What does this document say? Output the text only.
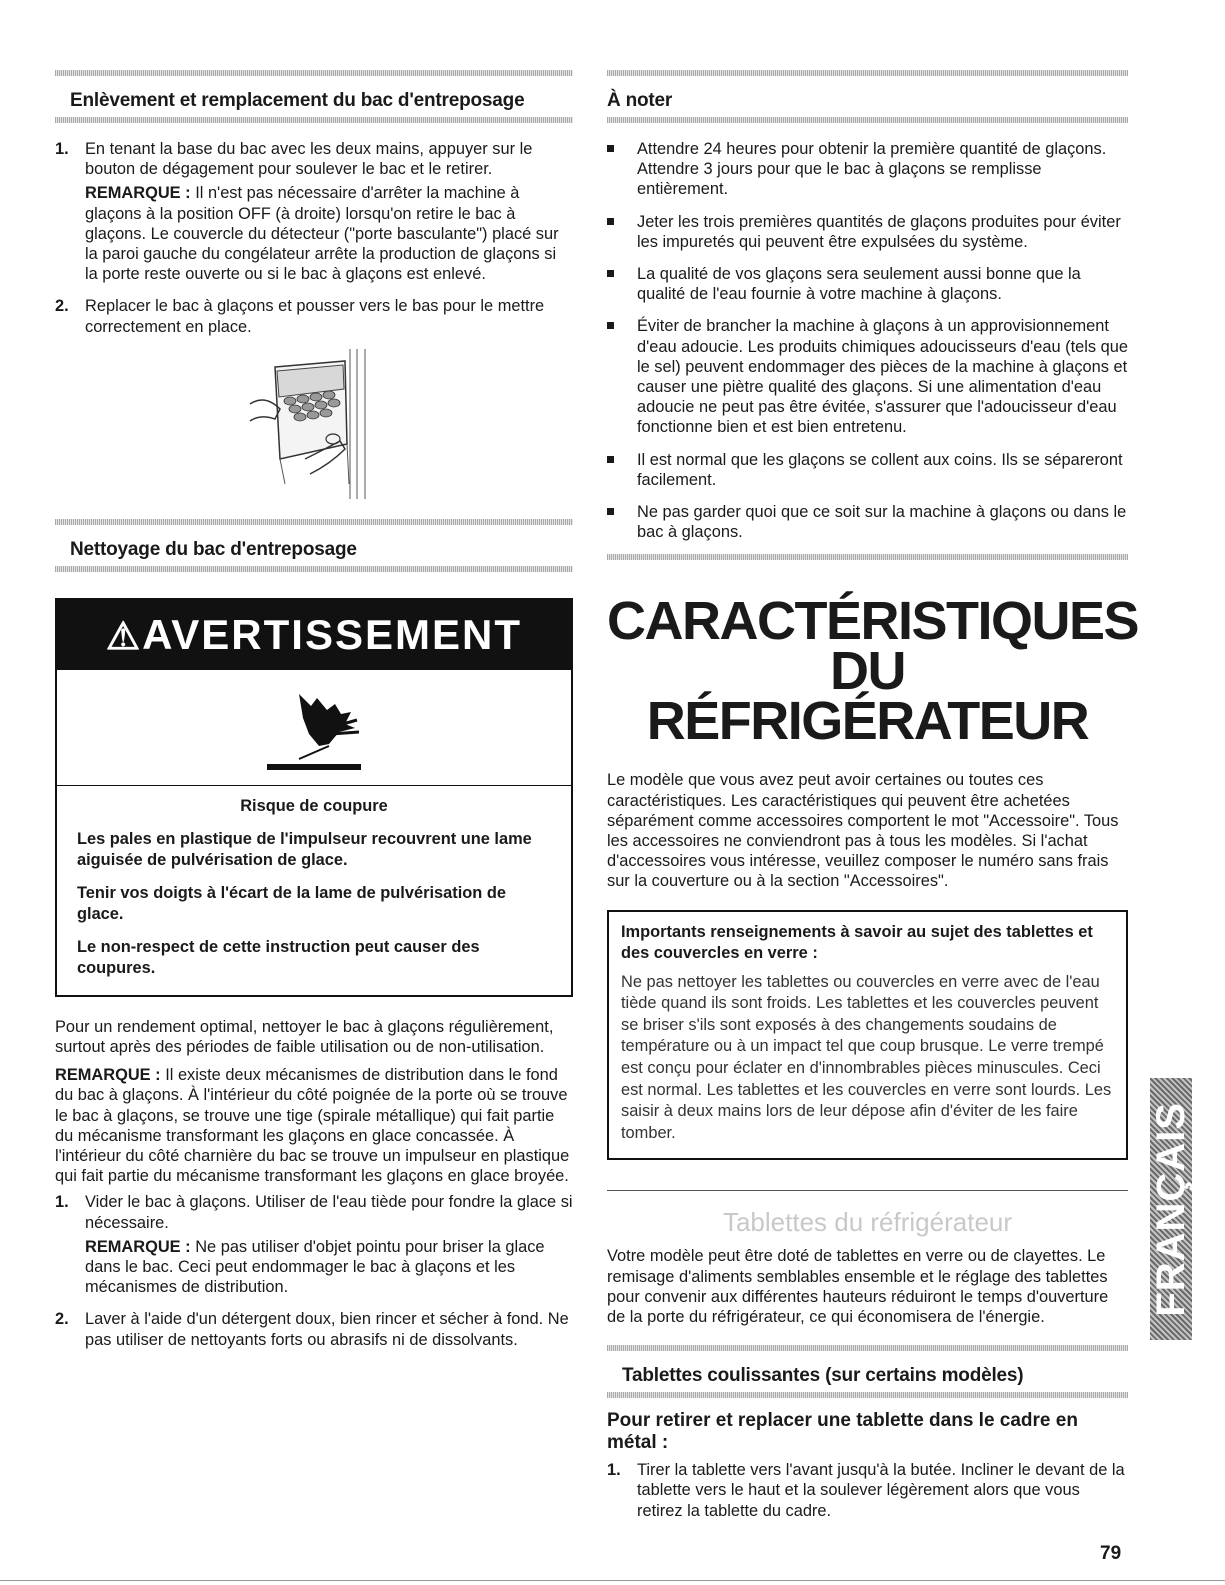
Enlèvement et remplacement du bac d'entreposage
1. En tenant la base du bac avec les deux mains, appuyer sur le bouton de dégagement pour soulever le bac et le retirer.
REMARQUE : Il n'est pas nécessaire d'arrêter la machine à glaçons à la position OFF (à droite) lorsqu'on retire le bac à glaçons. Le couvercle du détecteur ("porte basculante") placé sur la paroi gauche du congélateur arrête la production de glaçons si la porte reste ouverte ou si le bac à glaçons est enlevé.
2. Replacer le bac à glaçons et pousser vers le bas pour le mettre correctement en place.
Nettoyage du bac d'entreposage
⚠AVERTISSEMENT
Risque de coupure
Les pales en plastique de l'impulseur recouvrent une lame aiguisée de pulvérisation de glace.
Tenir vos doigts à l'écart de la lame de pulvérisation de glace.
Le non-respect de cette instruction peut causer des coupures.

Pour un rendement optimal, nettoyer le bac à glaçons régulièrement, surtout après des périodes de faible utilisation ou de non-utilisation.

REMARQUE : Il existe deux mécanismes de distribution dans le fond du bac à glaçons. À l'intérieur du côté poignée de la porte où se trouve le bac à glaçons, se trouve une tige (spirale métallique) qui fait partie du mécanisme transformant les glaçons en glace concassée. À l'intérieur du côté charnière du bac se trouve un impulseur en plastique qui fait partie du mécanisme transformant les glaçons en glace broyée.

1. Vider le bac à glaçons. Utiliser de l'eau tiède pour fondre la glace si nécessaire.
REMARQUE : Ne pas utiliser d'objet pointu pour briser la glace dans le bac. Ceci peut endommager le bac à glaçons et les mécanismes de distribution.
2. Laver à l'aide d'un détergent doux, bien rincer et sécher à fond. Ne pas utiliser de nettoyants forts ou abrasifs ni de dissolvants.
À noter
Attendre 24 heures pour obtenir la première quantité de glaçons. Attendre 3 jours pour que le bac à glaçons se remplisse entièrement.
Jeter les trois premières quantités de glaçons produites pour éviter les impuretés qui peuvent être expulsées du système.
La qualité de vos glaçons sera seulement aussi bonne que la qualité de l'eau fournie à votre machine à glaçons.
Éviter de brancher la machine à glaçons à un approvisionnement d'eau adoucie. Les produits chimiques adoucisseurs d'eau (tels que le sel) peuvent endommager des pièces de la machine à glaçons et causer une piètre qualité des glaçons. Si une alimentation d'eau adoucie ne peut pas être évitée, s'assurer que l'adoucisseur d'eau fonctionne bien et est bien entretenu.
Il est normal que les glaçons se collent aux coins. Ils se sépareront facilement.
Ne pas garder quoi que ce soit sur la machine à glaçons ou dans le bac à glaçons.
CARACTÉRISTIQUES DU
RÉFRIGÉRATEUR

Le modèle que vous avez peut avoir certaines ou toutes ces caractéristiques. Les caractéristiques qui peuvent être achetées séparément comme accessoires comportent le mot "Accessoire". Tous les accessoires ne conviendront pas à tous les modèles. Si l'achat d'accessoires vous intéresse, veuillez composer le numéro sans frais sur la couverture ou à la section "Accessoires".

Importants renseignements à savoir au sujet des tablettes et des couvercles en verre :

Ne pas nettoyer les tablettes ou couvercles en verre avec de l'eau tiède quand ils sont froids. Les tablettes et les couvercles peuvent se briser s'ils sont exposés à des changements soudains de température ou à un impact tel que coup brusque. Le verre trempé est conçu pour éclater en d'innombrables pièces minuscules. Ceci est normal. Les tablettes et les couvercles en verre sont lourds. Les saisir à deux mains lors de leur dépose afin d'éviter de les faire tomber.

Tablettes du réfrigérateur

Votre modèle peut être doté de tablettes en verre ou de clayettes. Le remisage d'aliments semblables ensemble et le réglage des tablettes pour convenir aux différentes hauteurs réduiront le temps d'ouverture de la porte du réfrigérateur, ce qui économisera de l'énergie.

Tablettes coulissantes (sur certains modèles)
Pour retirer et replacer une tablette dans le cadre en métal :
1. Tirer la tablette vers l'avant jusqu'à la butée. Incliner le devant de la tablette vers le haut et la soulever légèrement alors que vous retirez la tablette du cadre.
FRANÇAIS
79
